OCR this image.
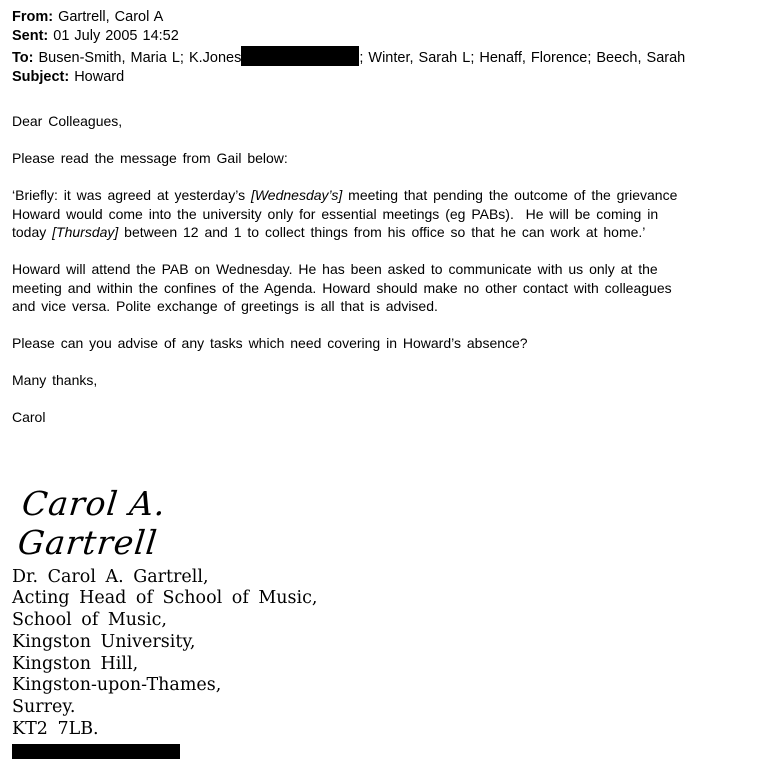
From: Gartrell, Carol A
Sent: 01 July 2005 14:52
To: Busen-Smith, Maria L; K.Jones	; Winter, Sarah L; Henaff, Florence; Beech, Sarah
Subject: Howard
Dear Colleagues,
Please read the message from Gail below:
‘Briefly: it was agreed at yesterday’s [Wednesday’s] meeting that pending the outcome of the grievance
Howard would come into the university only for essential meetings (eg PABs).  He will be coming in
today [Thursday] between 12 and 1 to collect things from his office so that he can work at home.’
Howard will attend the PAB on Wednesday. He has been asked to communicate with us only at the
meeting and within the confines of the Agenda. Howard should make no other contact with colleagues
and vice versa. Polite exchange of greetings is all that is advised.
Please can you advise of any tasks which need covering in Howard’s absence?
Many thanks,
Carol
Carol A. Gartrell
Dr. Carol A. Gartrell,
Acting Head of School of Music,
School of Music,
Kingston University,
Kingston Hill,
Kingston-upon-Thames,
Surrey.
KT2 7LB.
